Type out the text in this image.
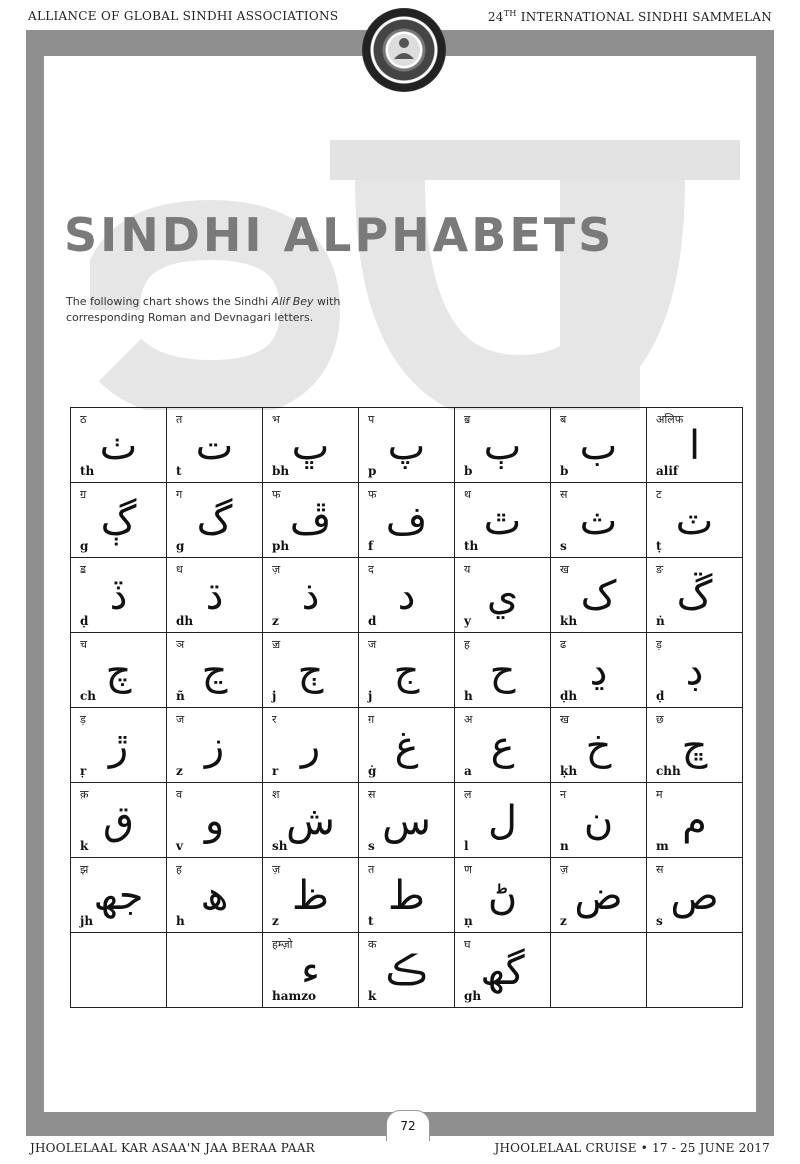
ALLIANCE OF GLOBAL SINDHI ASSOCIATIONS	24TH INTERNATIONAL SINDHI SAMMELAN
SINDHI ALPHABETS
The following chart shows the Sindhi Alif Bey with corresponding Roman and Devnagari letters.
ठ
ٺ
th	त
ت
t	भ
ڀ
bh	प
پ
p	ॿ
ٻ
b	ब
ب
b	अलिफ
ا
alif

ॻ
ڳ
g	ग
گ
g	फ
ڦ
ph	फ
ف
f	थ
ٿ
th	स
ث
s	ट
ٽ
ṭ

ॾ
ڏ
ḍ	ध
ڌ
dh	ज़
ذ
z	द
د
d	य
ي
y	ख
ک
kh	ङ
ڱ
ṅ

च
چ
ch	ञ
ڃ
ñ	ॼ
ڄ
j	ज
ج
j	ह
ح
h	ढ
ڍ
ḍh	ड़
ڊ
ḍ

ड़
ڙ
ṛ	ज
ز
z	र
ر
r	ग़
غ
ġ	अ
ع
a	ख
خ
ḳh	छ
ڇ
chh

क़
ق
k	व
و
v	श
ش
sh	स
س
s	ल
ل
l	न
ن
n	म
م
m

झ
جھ
jh	ह
ھ
h	ज़
ظ
z	त
ط
t	ण
ڻ
ṇ	ज़
ض
z	स
ص
s

		हम्ज़ो
ء
hamzo	क
ڪ
k	घ
گھ
gh		

72
JHOOLELAAL KAR ASAA'N JAA BERAA PAAR	JHOOLELAAL CRUISE • 17 - 25 JUNE 2017
